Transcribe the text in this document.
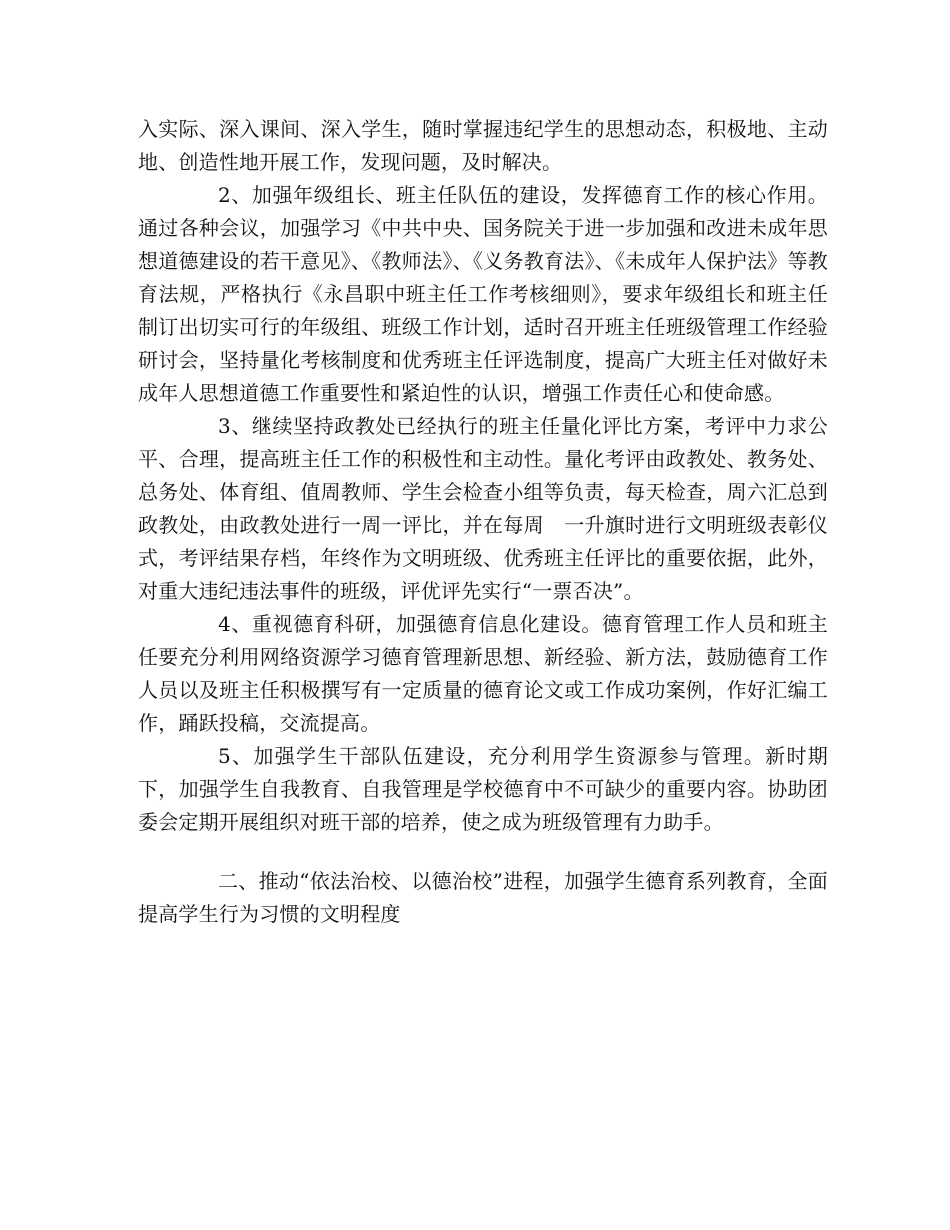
入实际、深入课间、深入学生，随时掌握违纪学生的思想动态，积极地、主动地、创造性地开展工作，发现问题，及时解决。

2、加强年级组长、班主任队伍的建设，发挥德育工作的核心作用。通过各种会议，加强学习《中共中央、国务院关于进一步加强和改进未成年思想道德建设的若干意见》、《教师法》、《义务教育法》、《未成年人保护法》等教育法规，严格执行《永昌职中班主任工作考核细则》，要求年级组长和班主任制订出切实可行的年级组、班级工作计划，适时召开班主任班级管理工作经验研讨会，坚持量化考核制度和优秀班主任评选制度，提高广大班主任对做好未成年人思想道德工作重要性和紧迫性的认识，增强工作责任心和使命感。

3、继续坚持政教处已经执行的班主任量化评比方案，考评中力求公平、合理，提高班主任工作的积极性和主动性。量化考评由政教处、教务处、总务处、体育组、值周教师、学生会检查小组等负责，每天检查，周六汇总到政教处，由政教处进行一周一评比，并在每周　一升旗时进行文明班级表彰仪式，考评结果存档，年终作为文明班级、优秀班主任评比的重要依据，此外，对重大违纪违法事件的班级，评优评先实行“一票否决”。

4、重视德育科研，加强德育信息化建设。德育管理工作人员和班主任要充分利用网络资源学习德育管理新思想、新经验、新方法，鼓励德育工作人员以及班主任积极撰写有一定质量的德育论文或工作成功案例，作好汇编工作，踊跃投稿，交流提高。

5、加强学生干部队伍建设，充分利用学生资源参与管理。新时期下，加强学生自我教育、自我管理是学校德育中不可缺少的重要内容。协助团委会定期开展组织对班干部的培养，使之成为班级管理有力助手。

二、推动“依法治校、以德治校”进程，加强学生德育系列教育，全面提高学生行为习惯的文明程度
